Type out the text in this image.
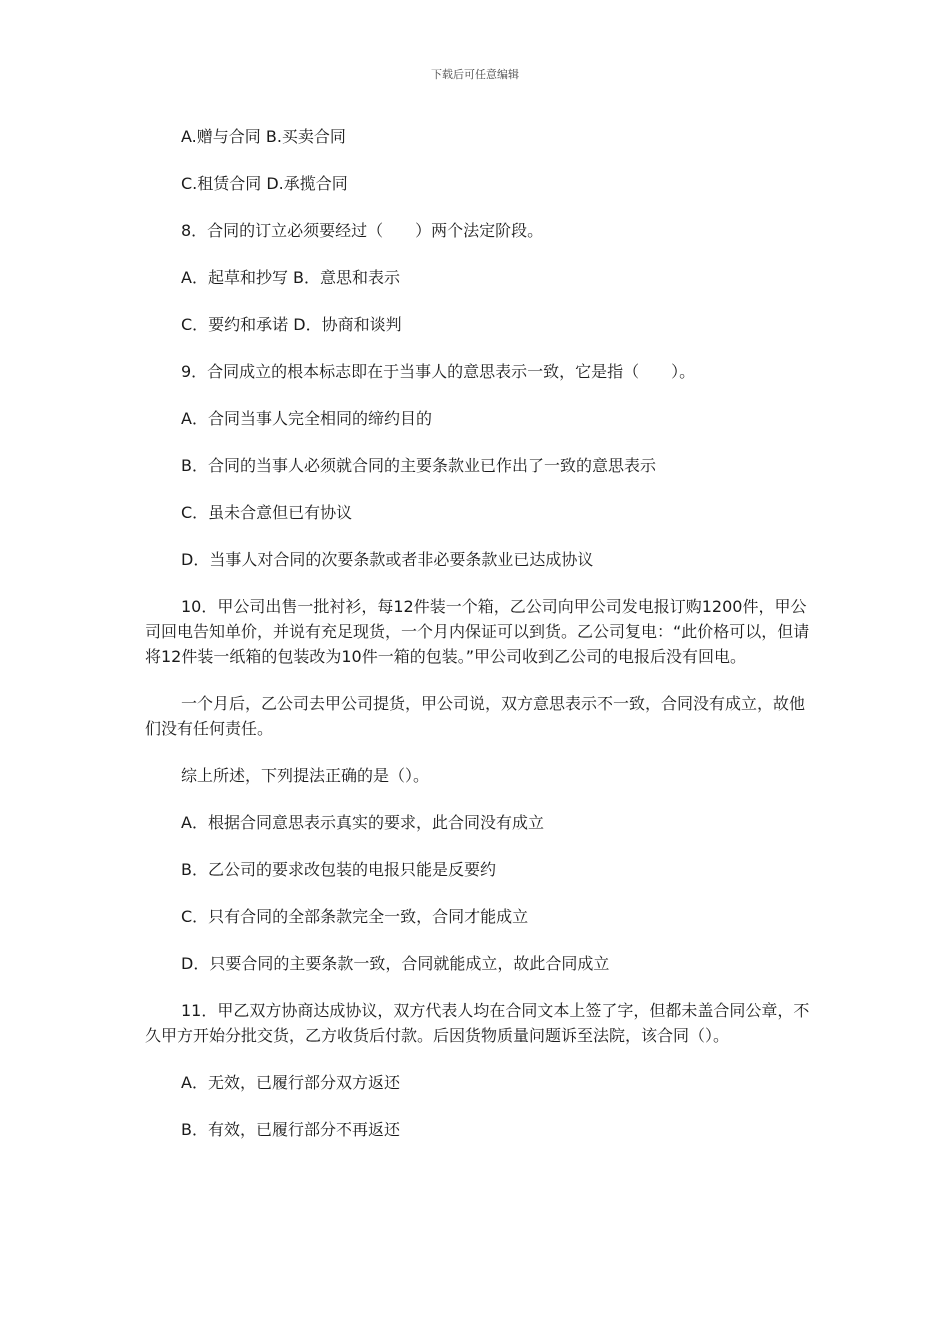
下载后可任意编辑

A.赠与合同 B.买卖合同

C.租赁合同 D.承揽合同

8．合同的订立必须要经过（　　）两个法定阶段。

A．起草和抄写 B．意思和表示

C．要约和承诺 D．协商和谈判

9．合同成立的根本标志即在于当事人的意思表示一致，它是指（　　）。

A．合同当事人完全相同的缔约目的

B．合同的当事人必须就合同的主要条款业已作出了一致的意思表示

C．虽未合意但已有协议

D．当事人对合同的次要条款或者非必要条款业已达成协议

10．甲公司出售一批衬衫，每12件装一个箱，乙公司向甲公司发电报订购1200件，甲公司回电告知单价，并说有充足现货，一个月内保证可以到货。乙公司复电：“此价格可以，但请将12件装一纸箱的包装改为10件一箱的包装。”甲公司收到乙公司的电报后没有回电。

一个月后，乙公司去甲公司提货，甲公司说，双方意思表示不一致，合同没有成立，故他们没有任何责任。

综上所述，下列提法正确的是（）。

A．根据合同意思表示真实的要求，此合同没有成立

B．乙公司的要求改包装的电报只能是反要约

C．只有合同的全部条款完全一致，合同才能成立

D．只要合同的主要条款一致，合同就能成立，故此合同成立

11．甲乙双方协商达成协议，双方代表人均在合同文本上签了字，但都未盖合同公章，不久甲方开始分批交货，乙方收货后付款。后因货物质量问题诉至法院，该合同（）。

A．无效，已履行部分双方返还

B．有效，已履行部分不再返还
